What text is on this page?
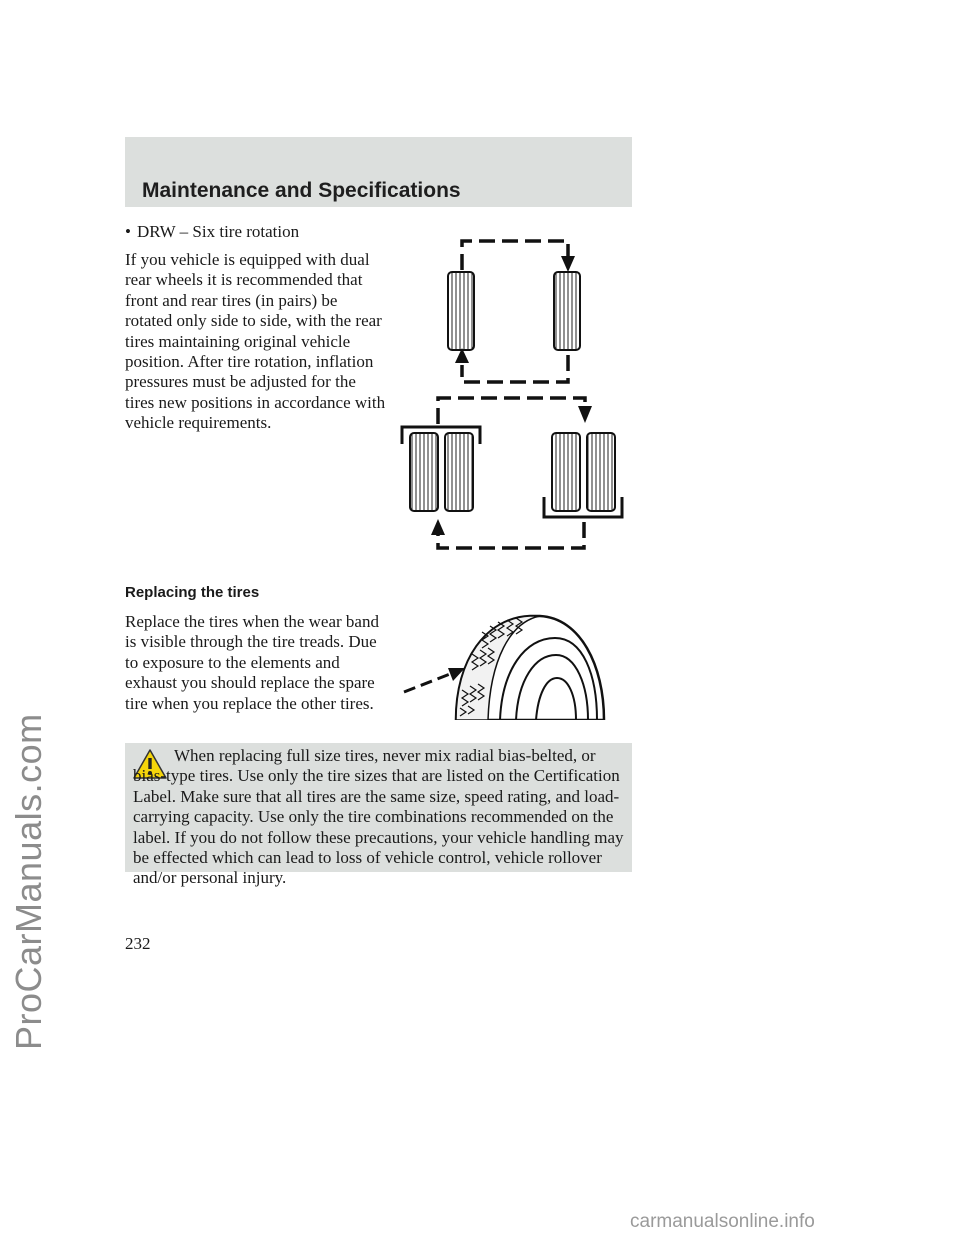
Maintenance and Specifications
ProCarManuals.com
• DRW – Six tire rotation

If you vehicle is equipped with dual rear wheels it is recommended that front and rear tires (in pairs) be rotated only side to side, with the rear tires maintaining original vehicle position. After tire rotation, inflation pressures must be adjusted for the tires new positions in accordance with vehicle requirements.

Replacing the tires

Replace the tires when the wear band is visible through the tire treads. Due to exposure to the elements and exhaust you should replace the spare tire when you replace the other tires.

When replacing full size tires, never mix radial bias-belted, or bias-type tires. Use only the tire sizes that are listed on the Certification Label. Make sure that all tires are the same size, speed rating, and load-carrying capacity. Use only the tire combinations recommended on the label. If you do not follow these precautions, your vehicle handling may be effected which can lead to loss of vehicle control, vehicle rollover and/or personal injury.

232
carmanualsonline.info
